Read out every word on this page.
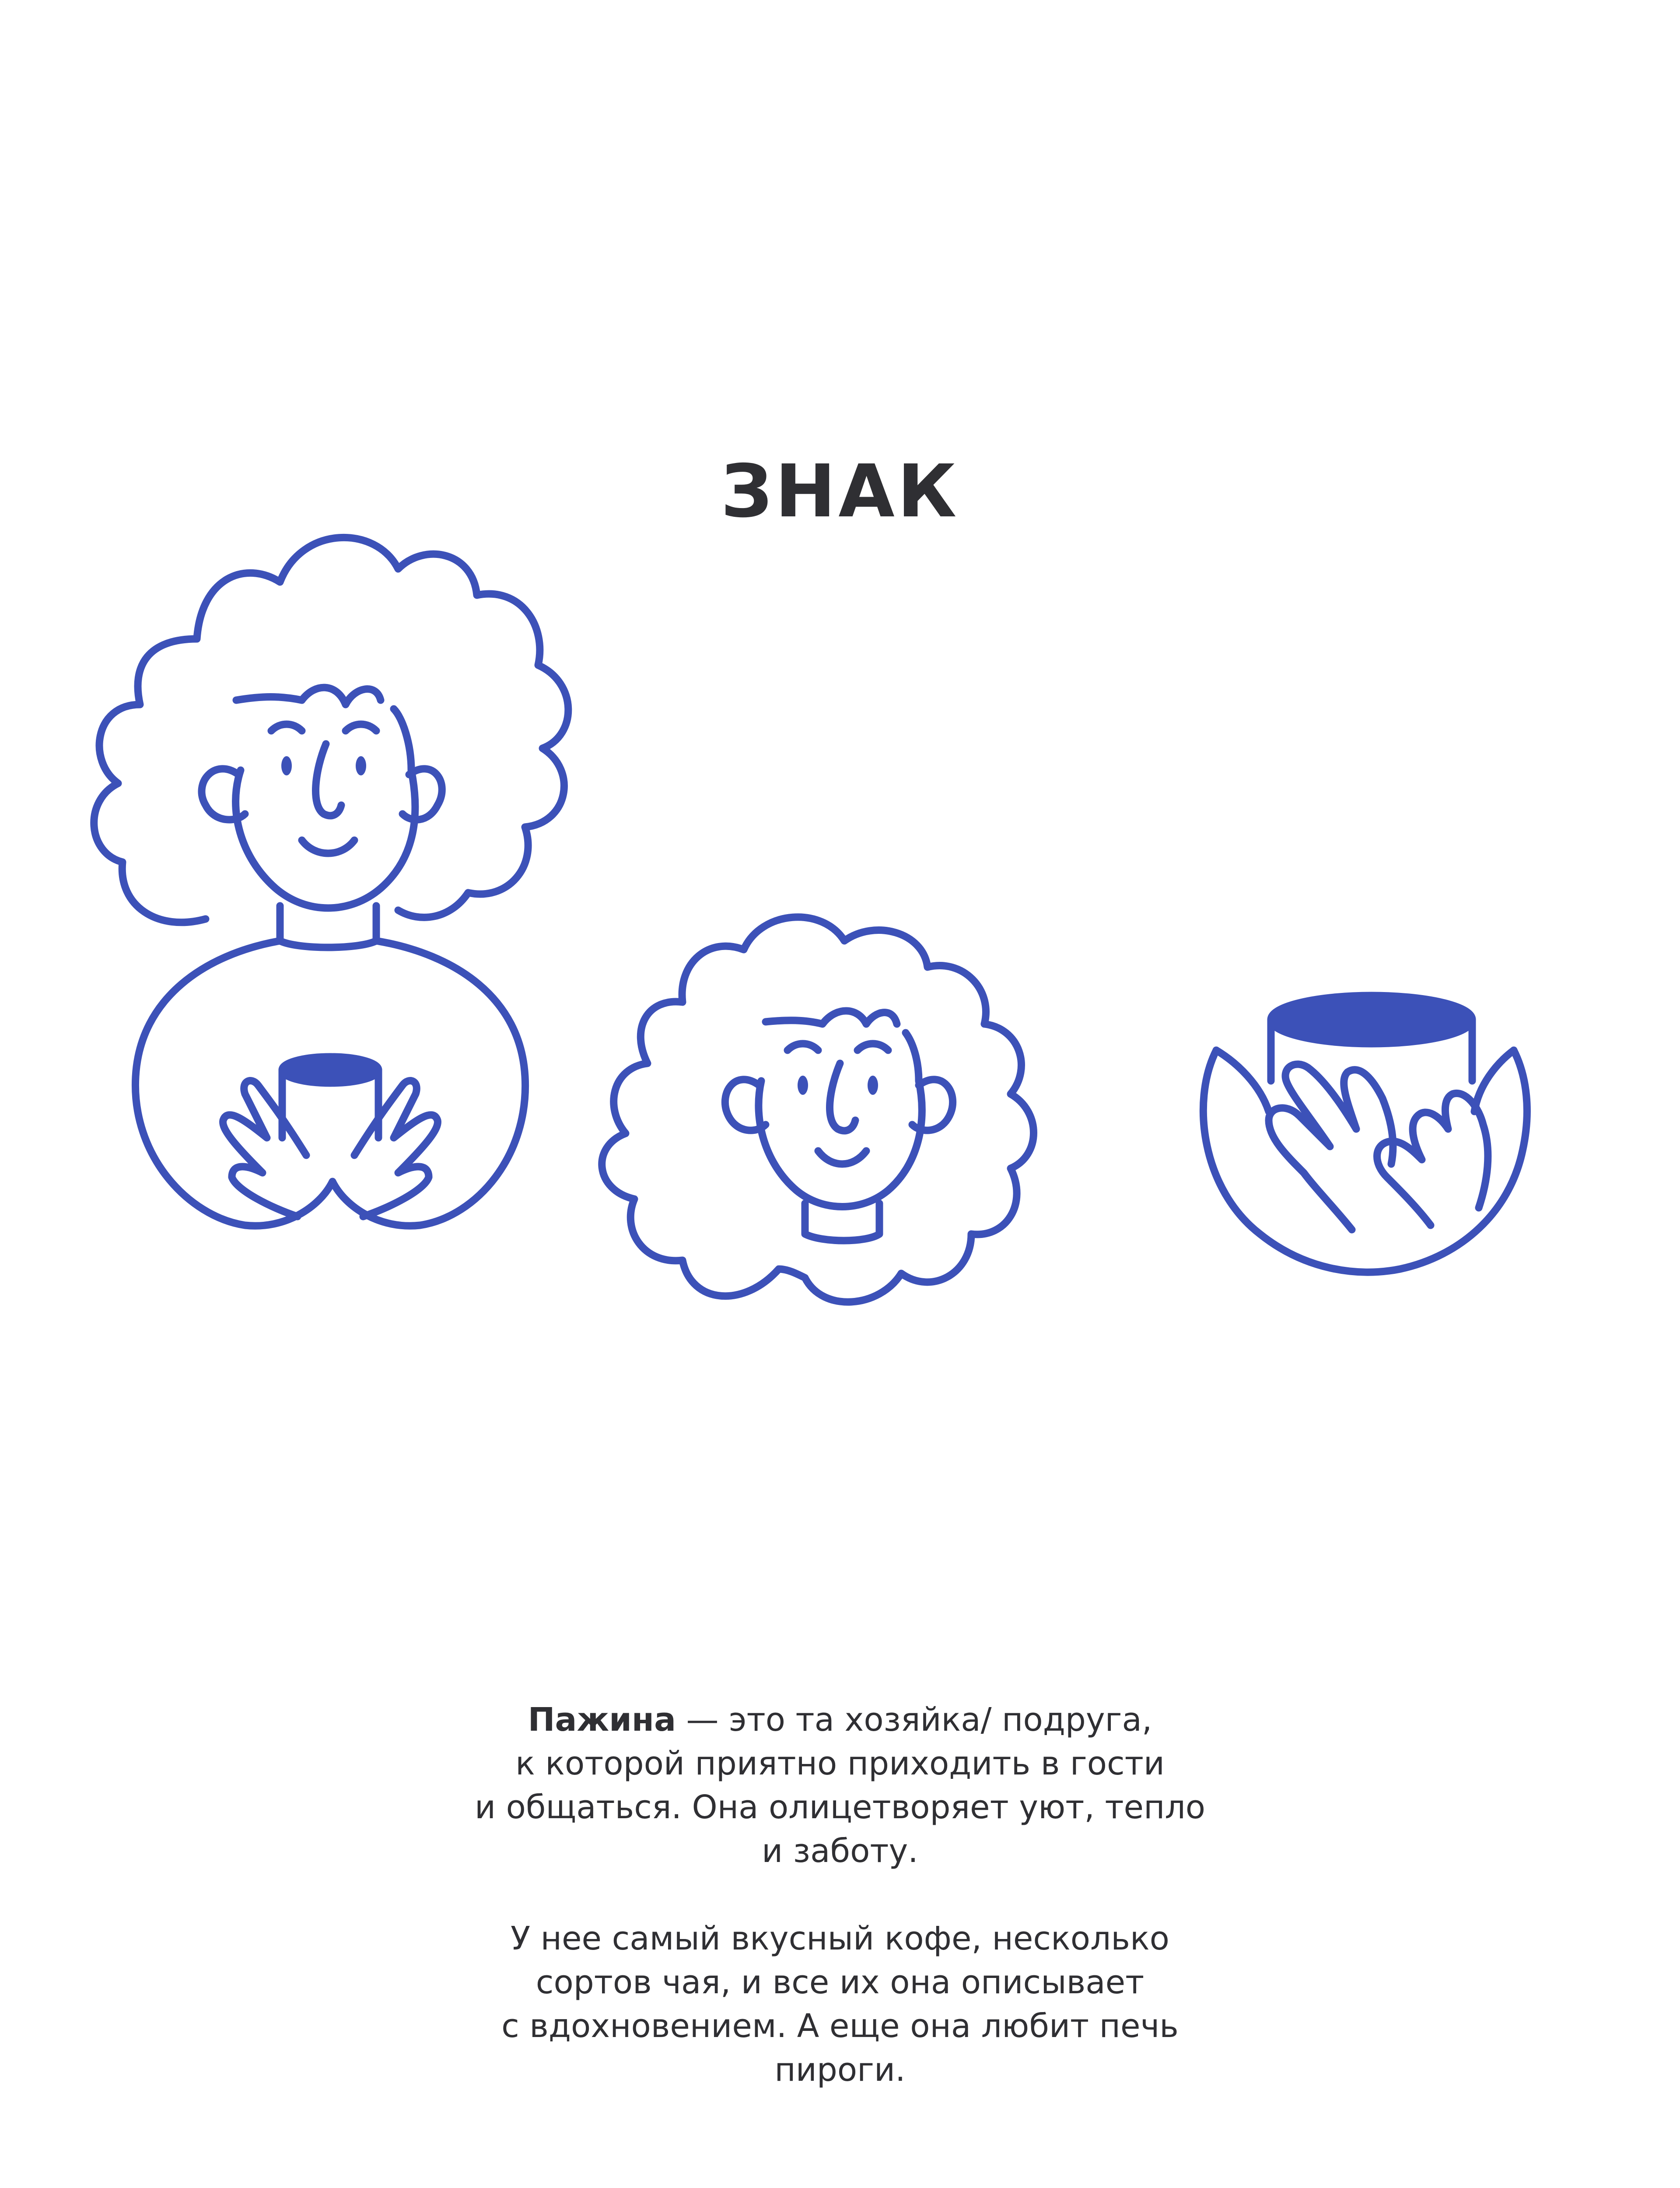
ЗНАК

Пажина — это та хозяйка/ подруга,
к которой приятно приходить в гости
и общаться. Она олицетворяет уют, тепло
и заботу.

У нее самый вкусный кофе, несколько
сортов чая, и все их она описывает
с вдохновением. А еще она любит печь
пироги.
